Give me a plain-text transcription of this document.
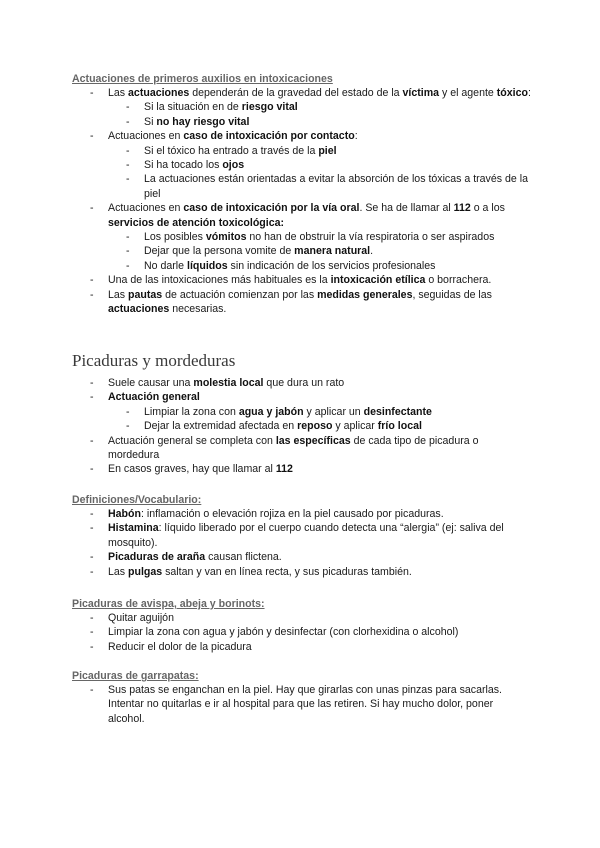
Actuaciones de primeros auxilios en intoxicaciones
- Las actuaciones dependerán de la gravedad del estado de la víctima y el agente tóxico:
- Si la situación en de riesgo vital
- Si no hay riesgo vital
- Actuaciones en caso de intoxicación por contacto:
- Si el tóxico ha entrado a través de la piel
- Si ha tocado los ojos
- La actuaciones están orientadas a evitar la absorción de los tóxicas a través de la piel
- Actuaciones en caso de intoxicación por la vía oral. Se ha de llamar al 112 o a los servicios de atención toxicológica:
- Los posibles vómitos no han de obstruir la vía respiratoria o ser aspirados
- Dejar que la persona vomite de manera natural.
- No darle líquidos sin indicación de los servicios profesionales
- Una de las intoxicaciones más habituales es la intoxicación etílica o borrachera.
- Las pautas de actuación comienzan por las medidas generales, seguidas de las actuaciones necesarias.
Picaduras y mordeduras
- Suele causar una molestia local que dura un rato
- Actuación general
- Limpiar la zona con agua y jabón y aplicar un desinfectante
- Dejar la extremidad afectada en reposo y aplicar frío local
- Actuación general se completa con las específicas de cada tipo de picadura o mordedura
- En casos graves, hay que llamar al 112
Definiciones/Vocabulario:
- Habón: inflamación o elevación rojiza en la piel causado por picaduras.
- Histamina: líquido liberado por el cuerpo cuando detecta una “alergia” (ej: saliva del mosquito).
- Picaduras de araña causan flictena.
- Las pulgas saltan y van en línea recta, y sus picaduras también.
Picaduras de avispa, abeja y borinots:
- Quitar aguijón
- Limpiar la zona con agua y jabón y desinfectar (con clorhexidina o alcohol)
- Reducir el dolor de la picadura
Picaduras de garrapatas:
- Sus patas se enganchan en la piel. Hay que girarlas con unas pinzas para sacarlas. Intentar no quitarlas e ir al hospital para que las retiren. Si hay mucho dolor, poner alcohol.
